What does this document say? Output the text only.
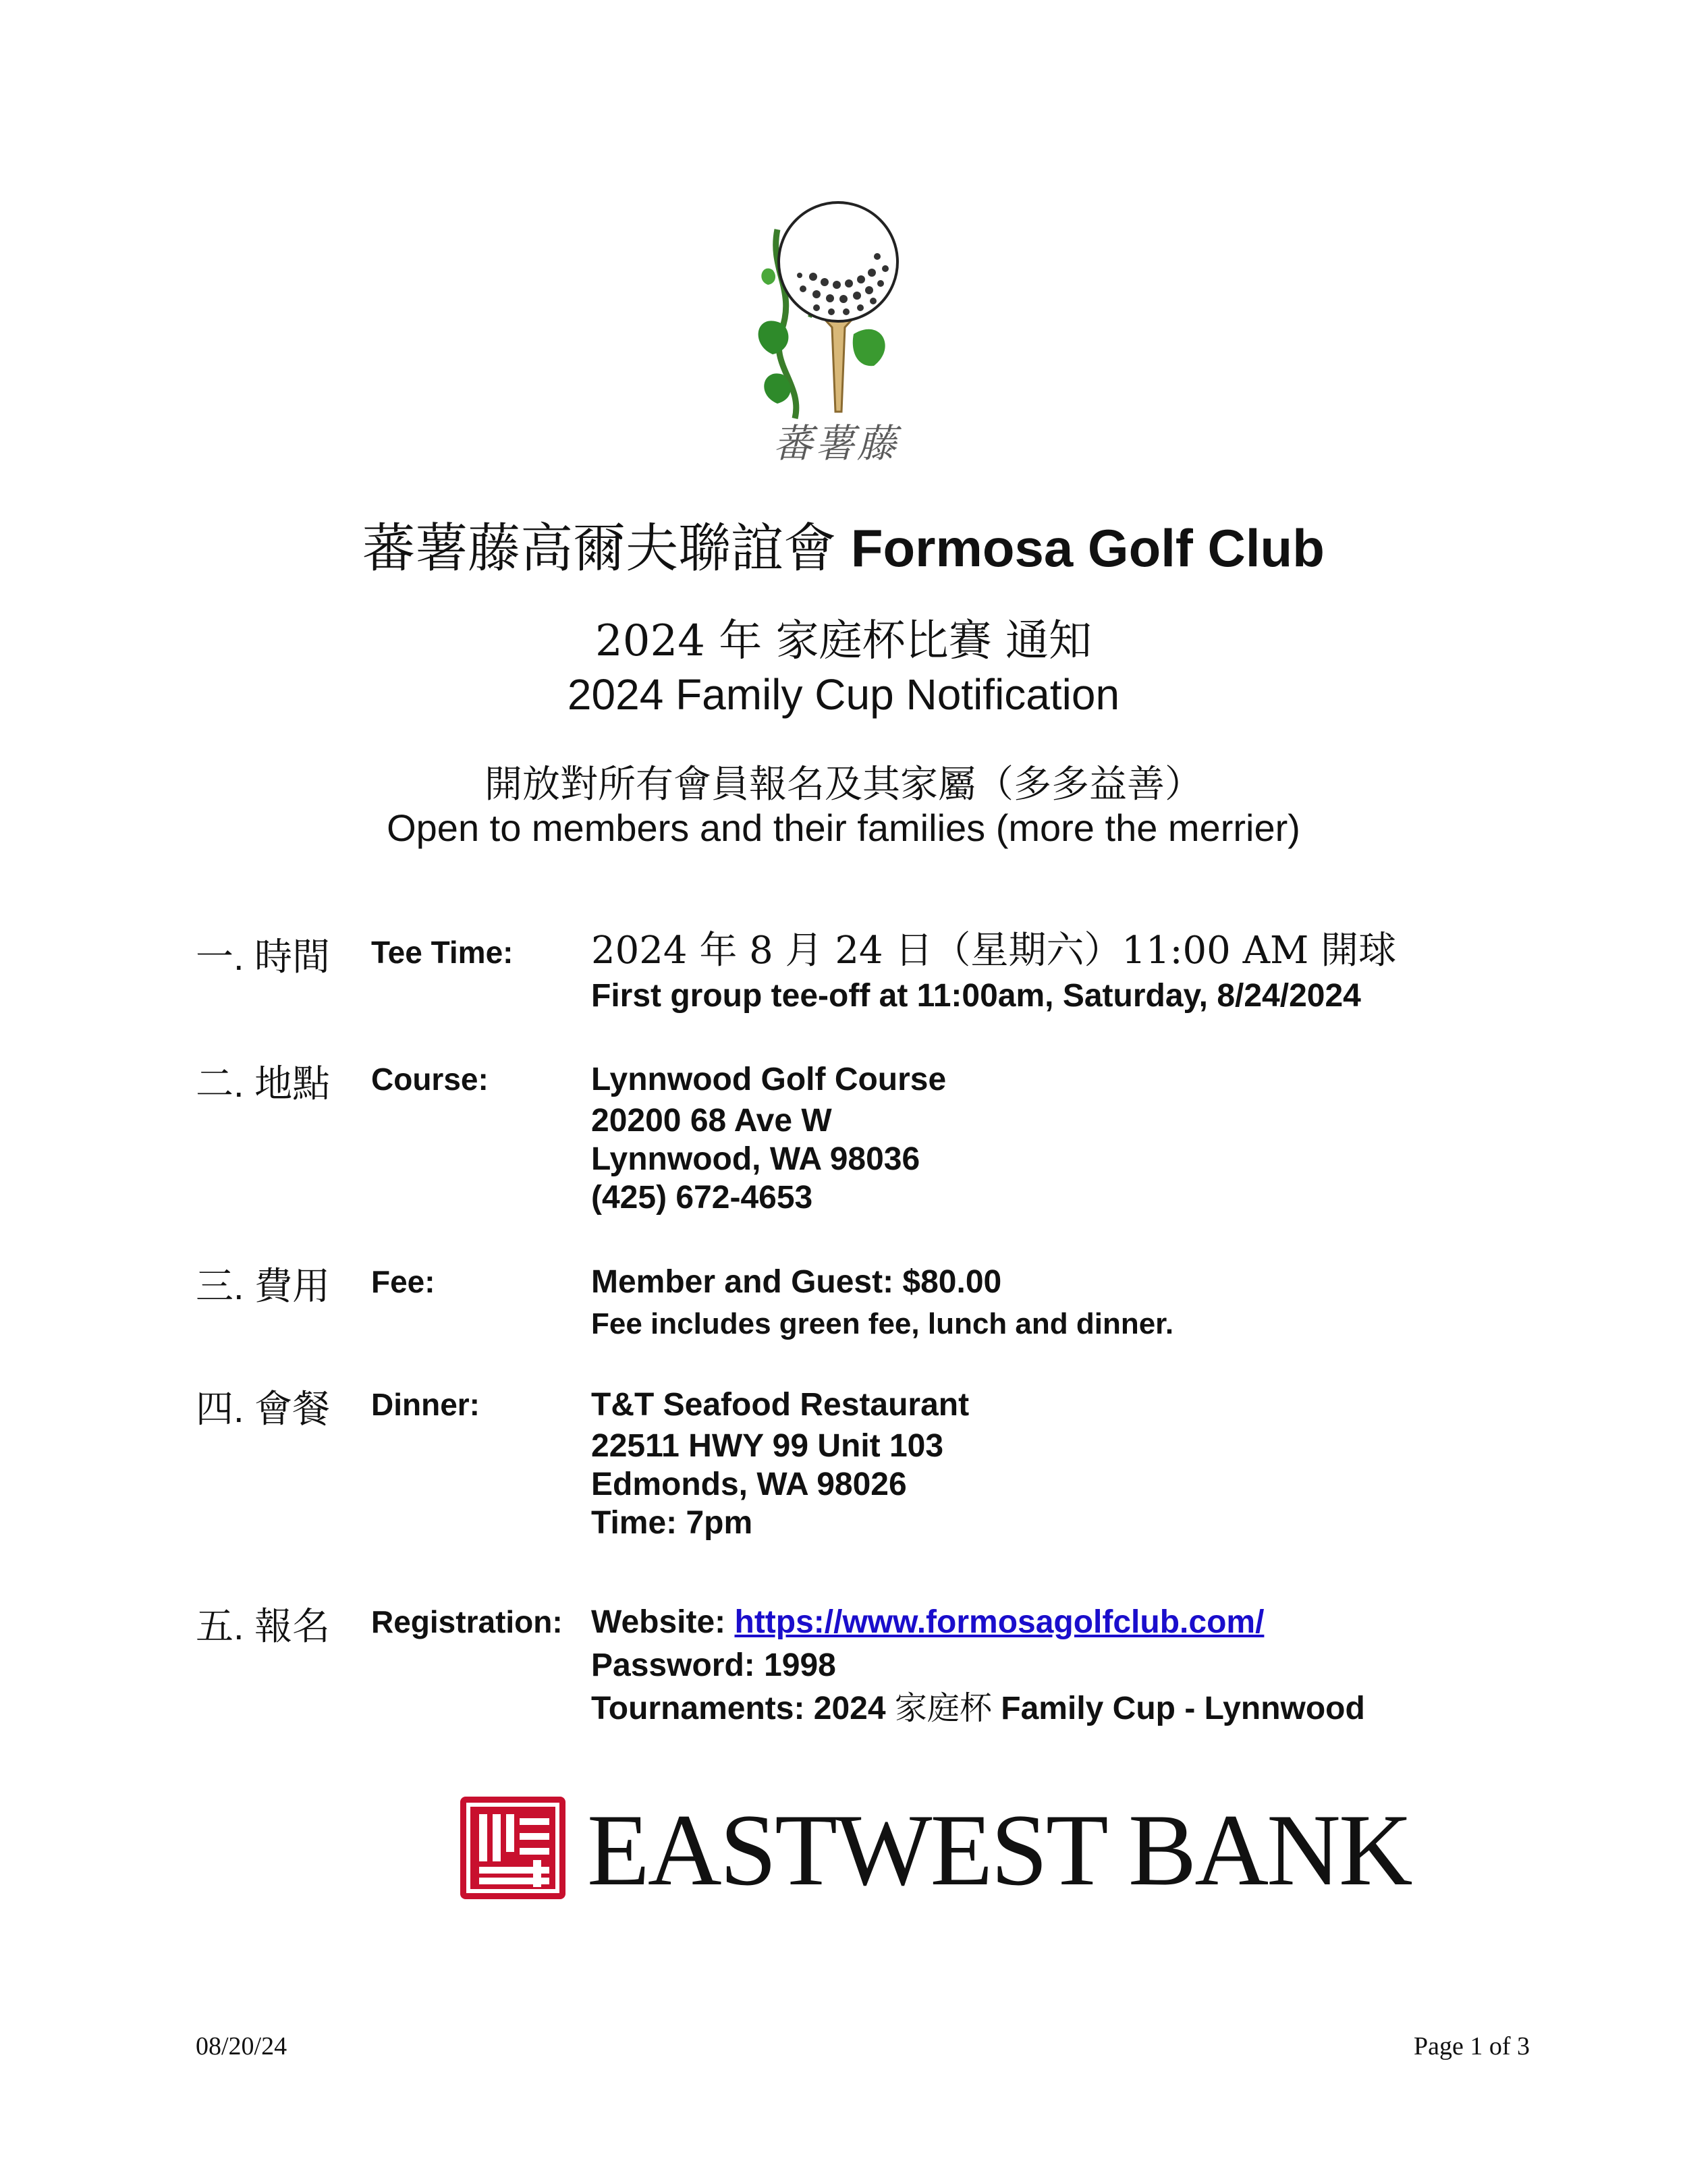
蕃薯藤
蕃薯藤高爾夫聯誼會 Formosa Golf Club
2024 年 家庭杯比賽 通知
2024 Family Cup Notification
開放對所有會員報名及其家屬（多多益善）
Open to members and their families (more the merrier)
一. 時間 Tee Time: 2024 年 8 月 24 日（星期六）11:00 AM 開球
First group tee-off at 11:00am, Saturday, 8/24/2024
二. 地點 Course:	Lynnwood Golf Course
20200 68 Ave W
Lynnwood, WA 98036
(425) 672-4653
三. 費用 Fee:	Member and Guest: $80.00
Fee includes green fee, lunch and dinner.
四. 會餐 Dinner:	T&T Seafood Restaurant
22511 HWY 99 Unit 103
Edmonds, WA 98026
Time: 7pm
五. 報名 Registration: Website: https://www.formosagolfclub.com/
Password: 1998
Tournaments: 2024 家庭杯 Family Cup - Lynnwood
EASTWEST BANK
08/20/24	Page 1 of 3
